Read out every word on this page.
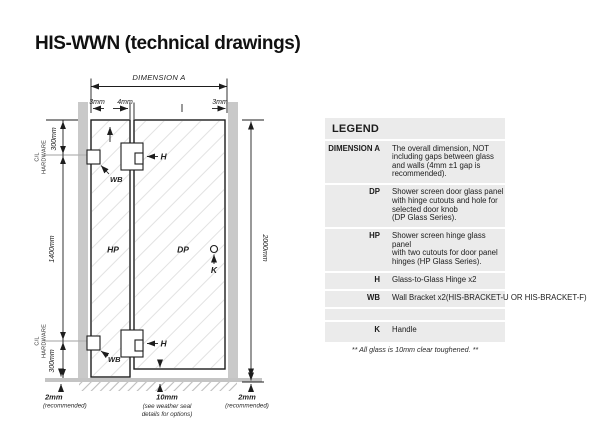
HIS-WWN (technical drawings)
DIMENSION A
3mm 4mm	3mm
2000mm
300mm
C/L HARDWARE
1400mm
C/L HARDWARE
300mm
WB
WB
H
H
HP	DP
K
2mm
(recommended)
10mm
(see weather seal
details for options)
2mm
(recommended)
LEGEND
DIMENSION A	The overall dimension, NOT
including gaps between glass
and walls (4mm ±1 gap is
recommended).
DP	Shower screen door glass panel
with hinge cutouts and hole for
selected door knob
(DP Glass Series).
HP	Shower screen hinge glass panel
with two cutouts for door panel
hinges (HP Glass Series).
H	Glass-to-Glass Hinge x2
WB	Wall Bracket x2(HIS-BRACKET-U OR HIS-BRACKET-F)
K	Handle
** All glass is 10mm clear toughened. **
